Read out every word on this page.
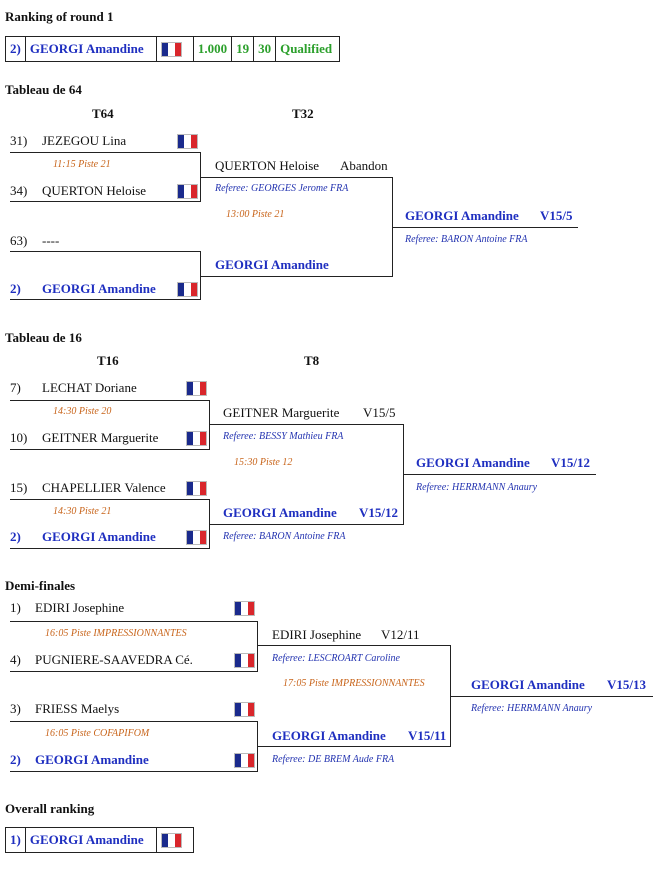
Ranking of round 1
2) GEORGI Amandine	1.000 19 30 Qualified
Tableau de 64
T64	T32
31) JEZEGOU Lina
11:15 Piste 21
34) QUERTON Heloise
63) ----
2) GEORGI Amandine
QUERTON Heloise Abandon
Referee: GEORGES Jerome FRA
13:00 Piste 21
GEORGI Amandine
GEORGI Amandine V15/5
Referee: BARON Antoine FRA
Tableau de 16
T16	T8
7) LECHAT Doriane
14:30 Piste 20
10) GEITNER Marguerite
15) CHAPELLIER Valence
14:30 Piste 21
2) GEORGI Amandine
GEITNER Marguerite V15/5
Referee: BESSY Mathieu FRA
15:30 Piste 12
GEORGI Amandine V15/12
Referee: BARON Antoine FRA
GEORGI Amandine V15/12
Referee: HERRMANN Anaury
Demi-finales
1) EDIRI Josephine
16:05 Piste IMPRESSIONNANTES
4) PUGNIERE-SAAVEDRA Cé.
3) FRIESS Maelys
16:05 Piste COFAPIFOM
2) GEORGI Amandine
EDIRI Josephine V12/11
Referee: LESCROART Caroline
17:05 Piste IMPRESSIONNANTES
GEORGI Amandine V15/11
Referee: DE BREM Aude FRA
GEORGI Amandine V15/13
Referee: HERRMANN Anaury
Overall ranking
1) GEORGI Amandine
